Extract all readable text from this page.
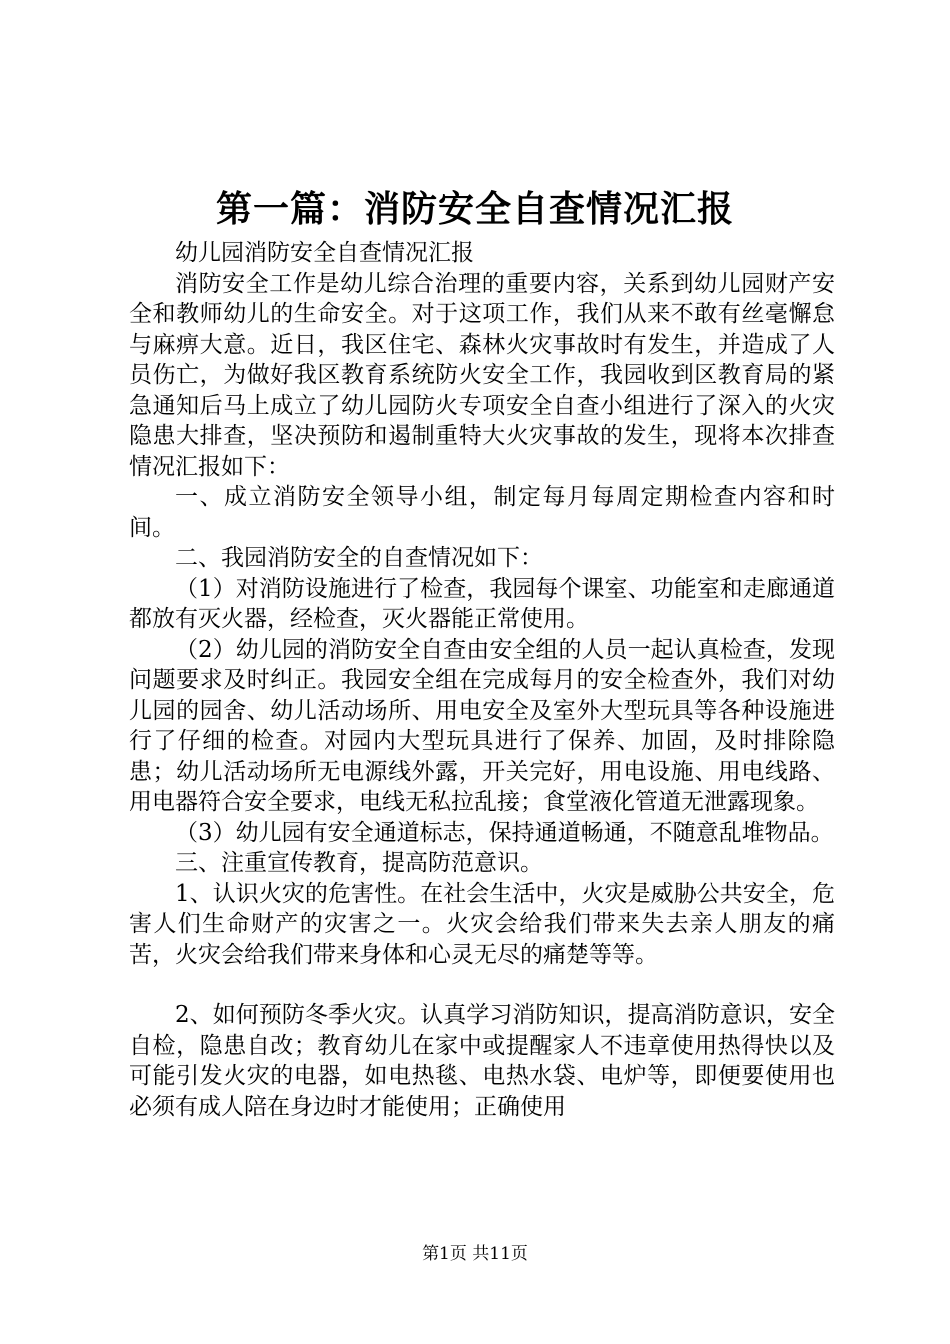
第一篇：消防安全自查情况汇报

幼儿园消防安全自查情况汇报

消防安全工作是幼儿综合治理的重要内容，关系到幼儿园财产安全和教师幼儿的生命安全。对于这项工作，我们从来不敢有丝毫懈怠与麻痹大意。近日，我区住宅、森林火灾事故时有发生，并造成了人员伤亡，为做好我区教育系统防火安全工作，我园收到区教育局的紧急通知后马上成立了幼儿园防火专项安全自查小组进行了深入的火灾隐患大排查，坚决预防和遏制重特大火灾事故的发生，现将本次排查情况汇报如下：

一、成立消防安全领导小组，制定每月每周定期检查内容和时间。

二、我园消防安全的自查情况如下：

（1）对消防设施进行了检查，我园每个课室、功能室和走廊通道都放有灭火器，经检查，灭火器能正常使用。

（2）幼儿园的消防安全自查由安全组的人员一起认真检查，发现问题要求及时纠正。我园安全组在完成每月的安全检查外，我们对幼儿园的园舍、幼儿活动场所、用电安全及室外大型玩具等各种设施进行了仔细的检查。对园内大型玩具进行了保养、加固，及时排除隐患；幼儿活动场所无电源线外露，开关完好，用电设施、用电线路、用电器符合安全要求，电线无私拉乱接；食堂液化管道无泄露现象。

（3）幼儿园有安全通道标志，保持通道畅通，不随意乱堆物品。

三、注重宣传教育，提高防范意识。

1、认识火灾的危害性。在社会生活中，火灾是威胁公共安全，危害人们生命财产的灾害之一。火灾会给我们带来失去亲人朋友的痛苦，火灾会给我们带来身体和心灵无尽的痛楚等等。

2、如何预防冬季火灾。认真学习消防知识，提高消防意识，安全自检，隐患自改；教育幼儿在家中或提醒家人不违章使用热得快以及可能引发火灾的电器，如电热毯、电热水袋、电炉等，即便要使用也必须有成人陪在身边时才能使用；正确使用

第1页 共11页
